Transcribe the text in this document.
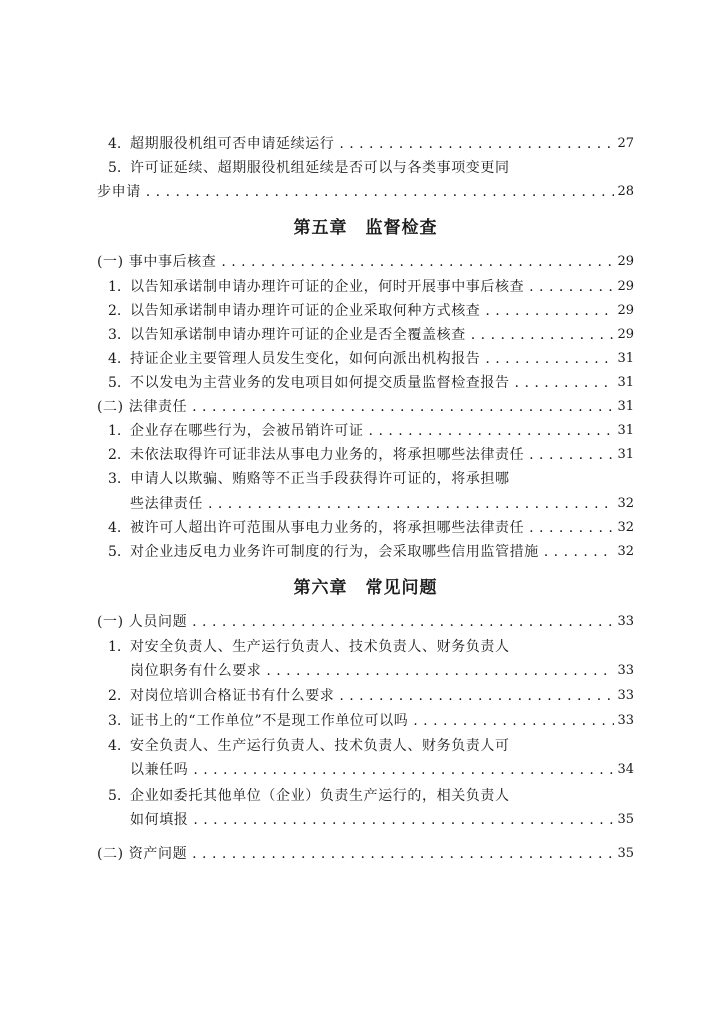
4. 超期服役机组可否申请延续运行 . . .	27
5. 许可证延续、超期服役机组延续是否可以与各类事项变更同
步申请 . . .	28
第五章　监督检查
(一) 事中事后核查 . . .	29
1. 以告知承诺制申请办理许可证的企业，何时开展事中事后核查 . . .	29
2. 以告知承诺制申请办理许可证的企业采取何种方式核查 . . .	29
3. 以告知承诺制申请办理许可证的企业是否全覆盖核查 . . .	29
4. 持证企业主要管理人员发生变化，如何向派出机构报告 . . .	31
5. 不以发电为主营业务的发电项目如何提交质量监督检查报告 . . .	31
(二) 法律责任 . . .	31
1. 企业存在哪些行为，会被吊销许可证 . . .	31
2. 未依法取得许可证非法从事电力业务的，将承担哪些法律责任 . . .	31
3. 申请人以欺骗、贿赂等不正当手段获得许可证的，将承担哪
些法律责任 . . .	32
4. 被许可人超出许可范围从事电力业务的，将承担哪些法律责任 . . .	32
5. 对企业违反电力业务许可制度的行为，会采取哪些信用监管措施 . . .	32
第六章　常见问题
(一) 人员问题 . . .	33
1. 对安全负责人、生产运行负责人、技术负责人、财务负责人
岗位职务有什么要求 . . .	33
2. 对岗位培训合格证书有什么要求 . . .	33
3. 证书上的“工作单位”不是现工作单位可以吗 . . .	33
4. 安全负责人、生产运行负责人、技术负责人、财务负责人可
以兼任吗 . . .	34
5. 企业如委托其他单位（企业）负责生产运行的，相关负责人
如何填报 . . .	35
(二) 资产问题 . . .	35
